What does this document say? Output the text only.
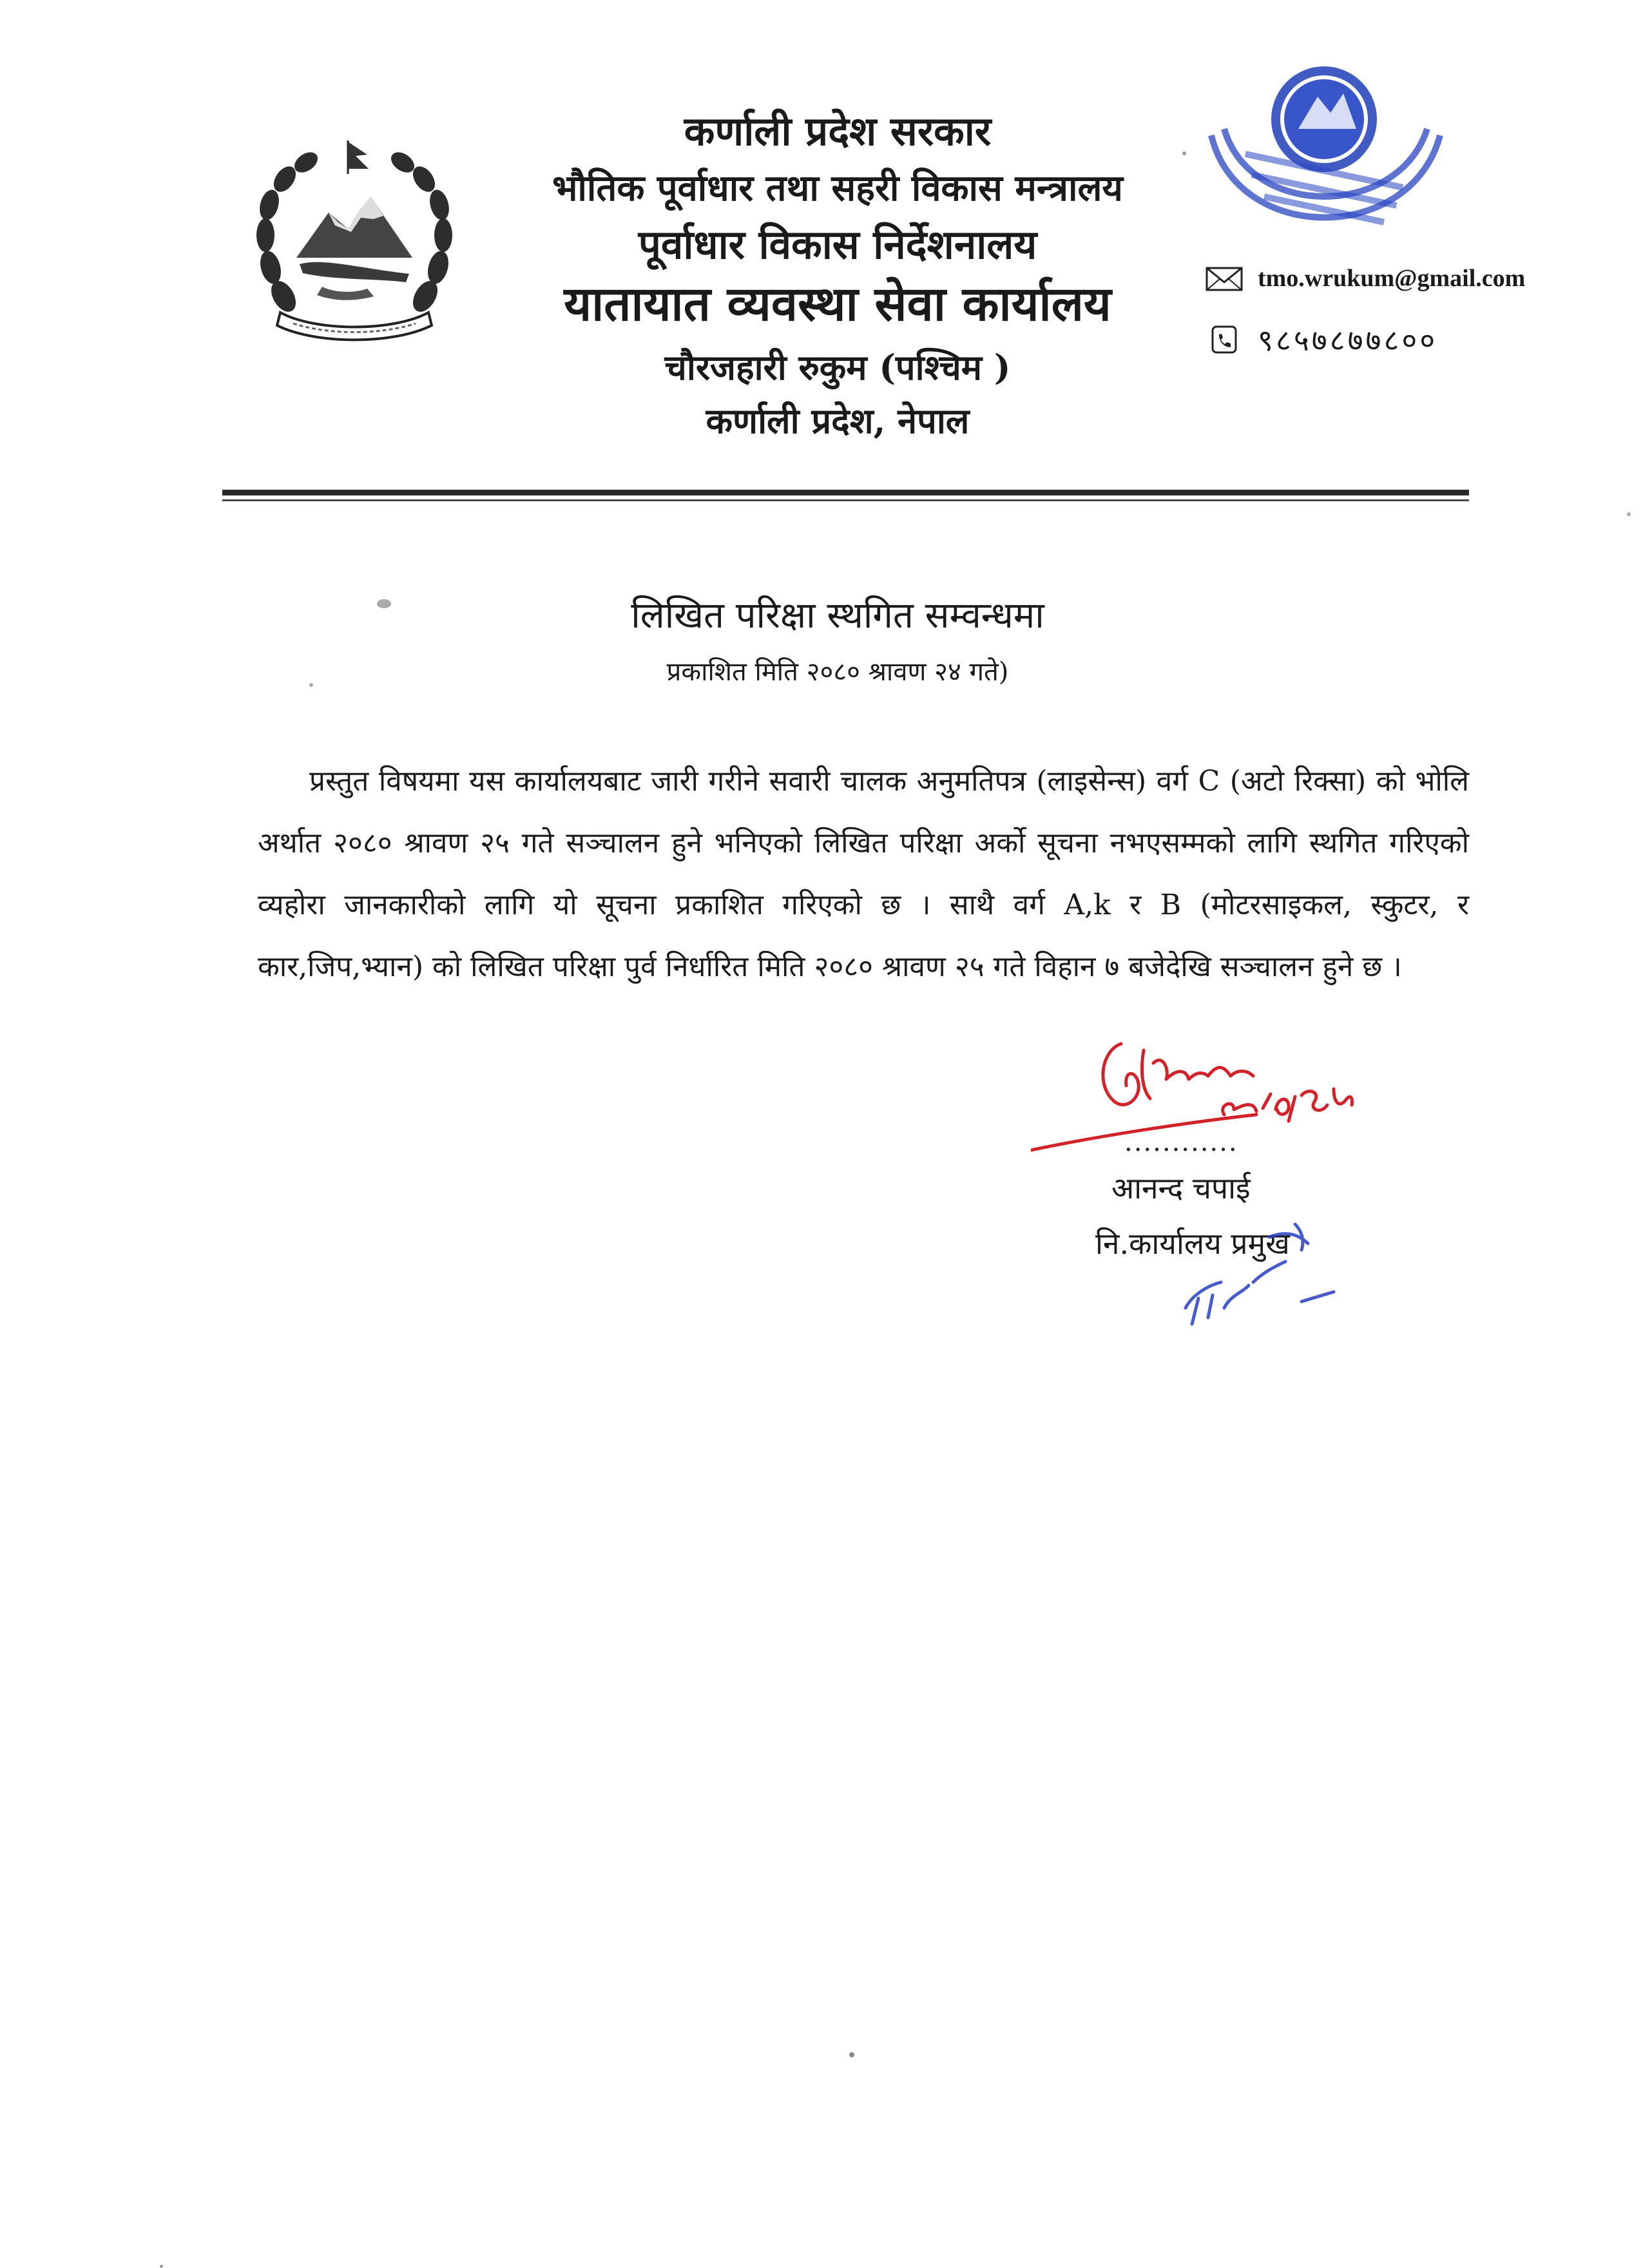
कर्णाली प्रदेश सरकार
भौतिक पूर्वाधार तथा सहरी विकास मन्त्रालय
पूर्वाधार विकास निर्देशनालय
यातायात व्यवस्था सेवा कार्यालय
चौरजहारी रुकुम (पश्चिम )
कर्णाली प्रदेश, नेपाल
tmo.wrukum@gmail.com
९८५७८७७८००
लिखित परिक्षा स्थगित सम्वन्धमा
प्रकाशित मिति २०८० श्रावण २४ गते)
प्रस्तुत विषयमा यस कार्यालयबाट जारी गरीने सवारी चालक अनुमतिपत्र (लाइसेन्स) वर्ग C (अटो रिक्सा) को भोलि अर्थात २०८० श्रावण २५ गते सञ्चालन हुने भनिएको लिखित परिक्षा अर्को सूचना नभएसम्मको लागि स्थगित गरिएको व्यहोरा जानकारीको लागि यो सूचना प्रकाशित गरिएको छ । साथै वर्ग A,k र B (मोटरसाइकल, स्कुटर, र कार,जिप,भ्यान) को लिखित परिक्षा पुर्व निर्धारित मिति २०८० श्रावण २५ गते विहान ७ बजेदेखि सञ्चालन हुने छ ।
............
आनन्द चपाई
नि.कार्यालय प्रमुख
